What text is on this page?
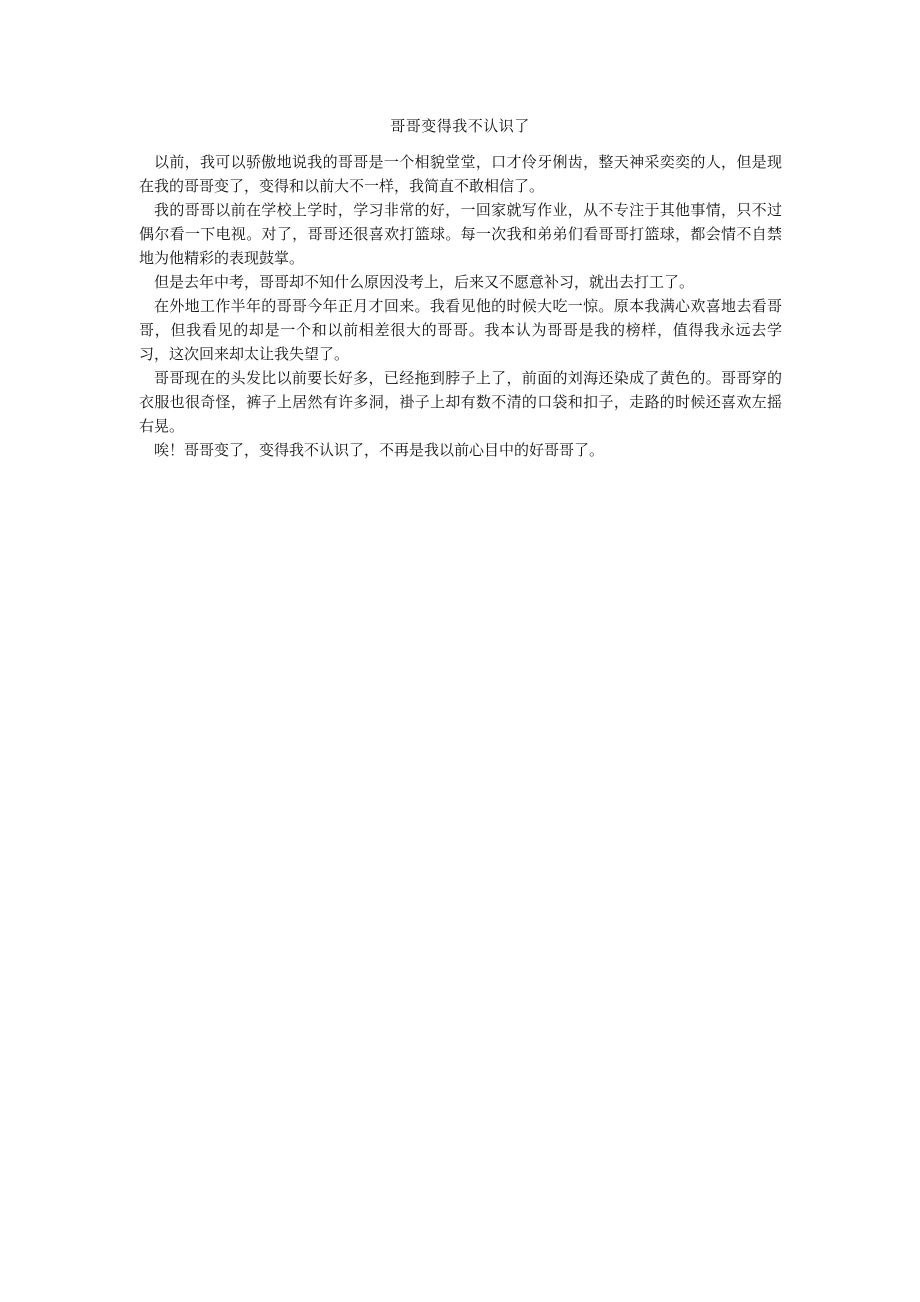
哥哥变得我不认识了

以前，我可以骄傲地说我的哥哥是一个相貌堂堂，口才伶牙俐齿，整天神采奕奕的人，但是现在我的哥哥变了，变得和以前大不一样，我简直不敢相信了。

我的哥哥以前在学校上学时，学习非常的好，一回家就写作业，从不专注于其他事情，只不过偶尔看一下电视。对了，哥哥还很喜欢打篮球。每一次我和弟弟们看哥哥打篮球，都会情不自禁地为他精彩的表现鼓掌。

但是去年中考，哥哥却不知什么原因没考上，后来又不愿意补习，就出去打工了。

在外地工作半年的哥哥今年正月才回来。我看见他的时候大吃一惊。原本我满心欢喜地去看哥哥，但我看见的却是一个和以前相差很大的哥哥。我本认为哥哥是我的榜样，值得我永远去学习，这次回来却太让我失望了。

哥哥现在的头发比以前要长好多，已经拖到脖子上了，前面的刘海还染成了黄色的。哥哥穿的衣服也很奇怪，裤子上居然有许多洞，褂子上却有数不清的口袋和扣子，走路的时候还喜欢左摇右晃。

唉！哥哥变了，变得我不认识了，不再是我以前心目中的好哥哥了。
